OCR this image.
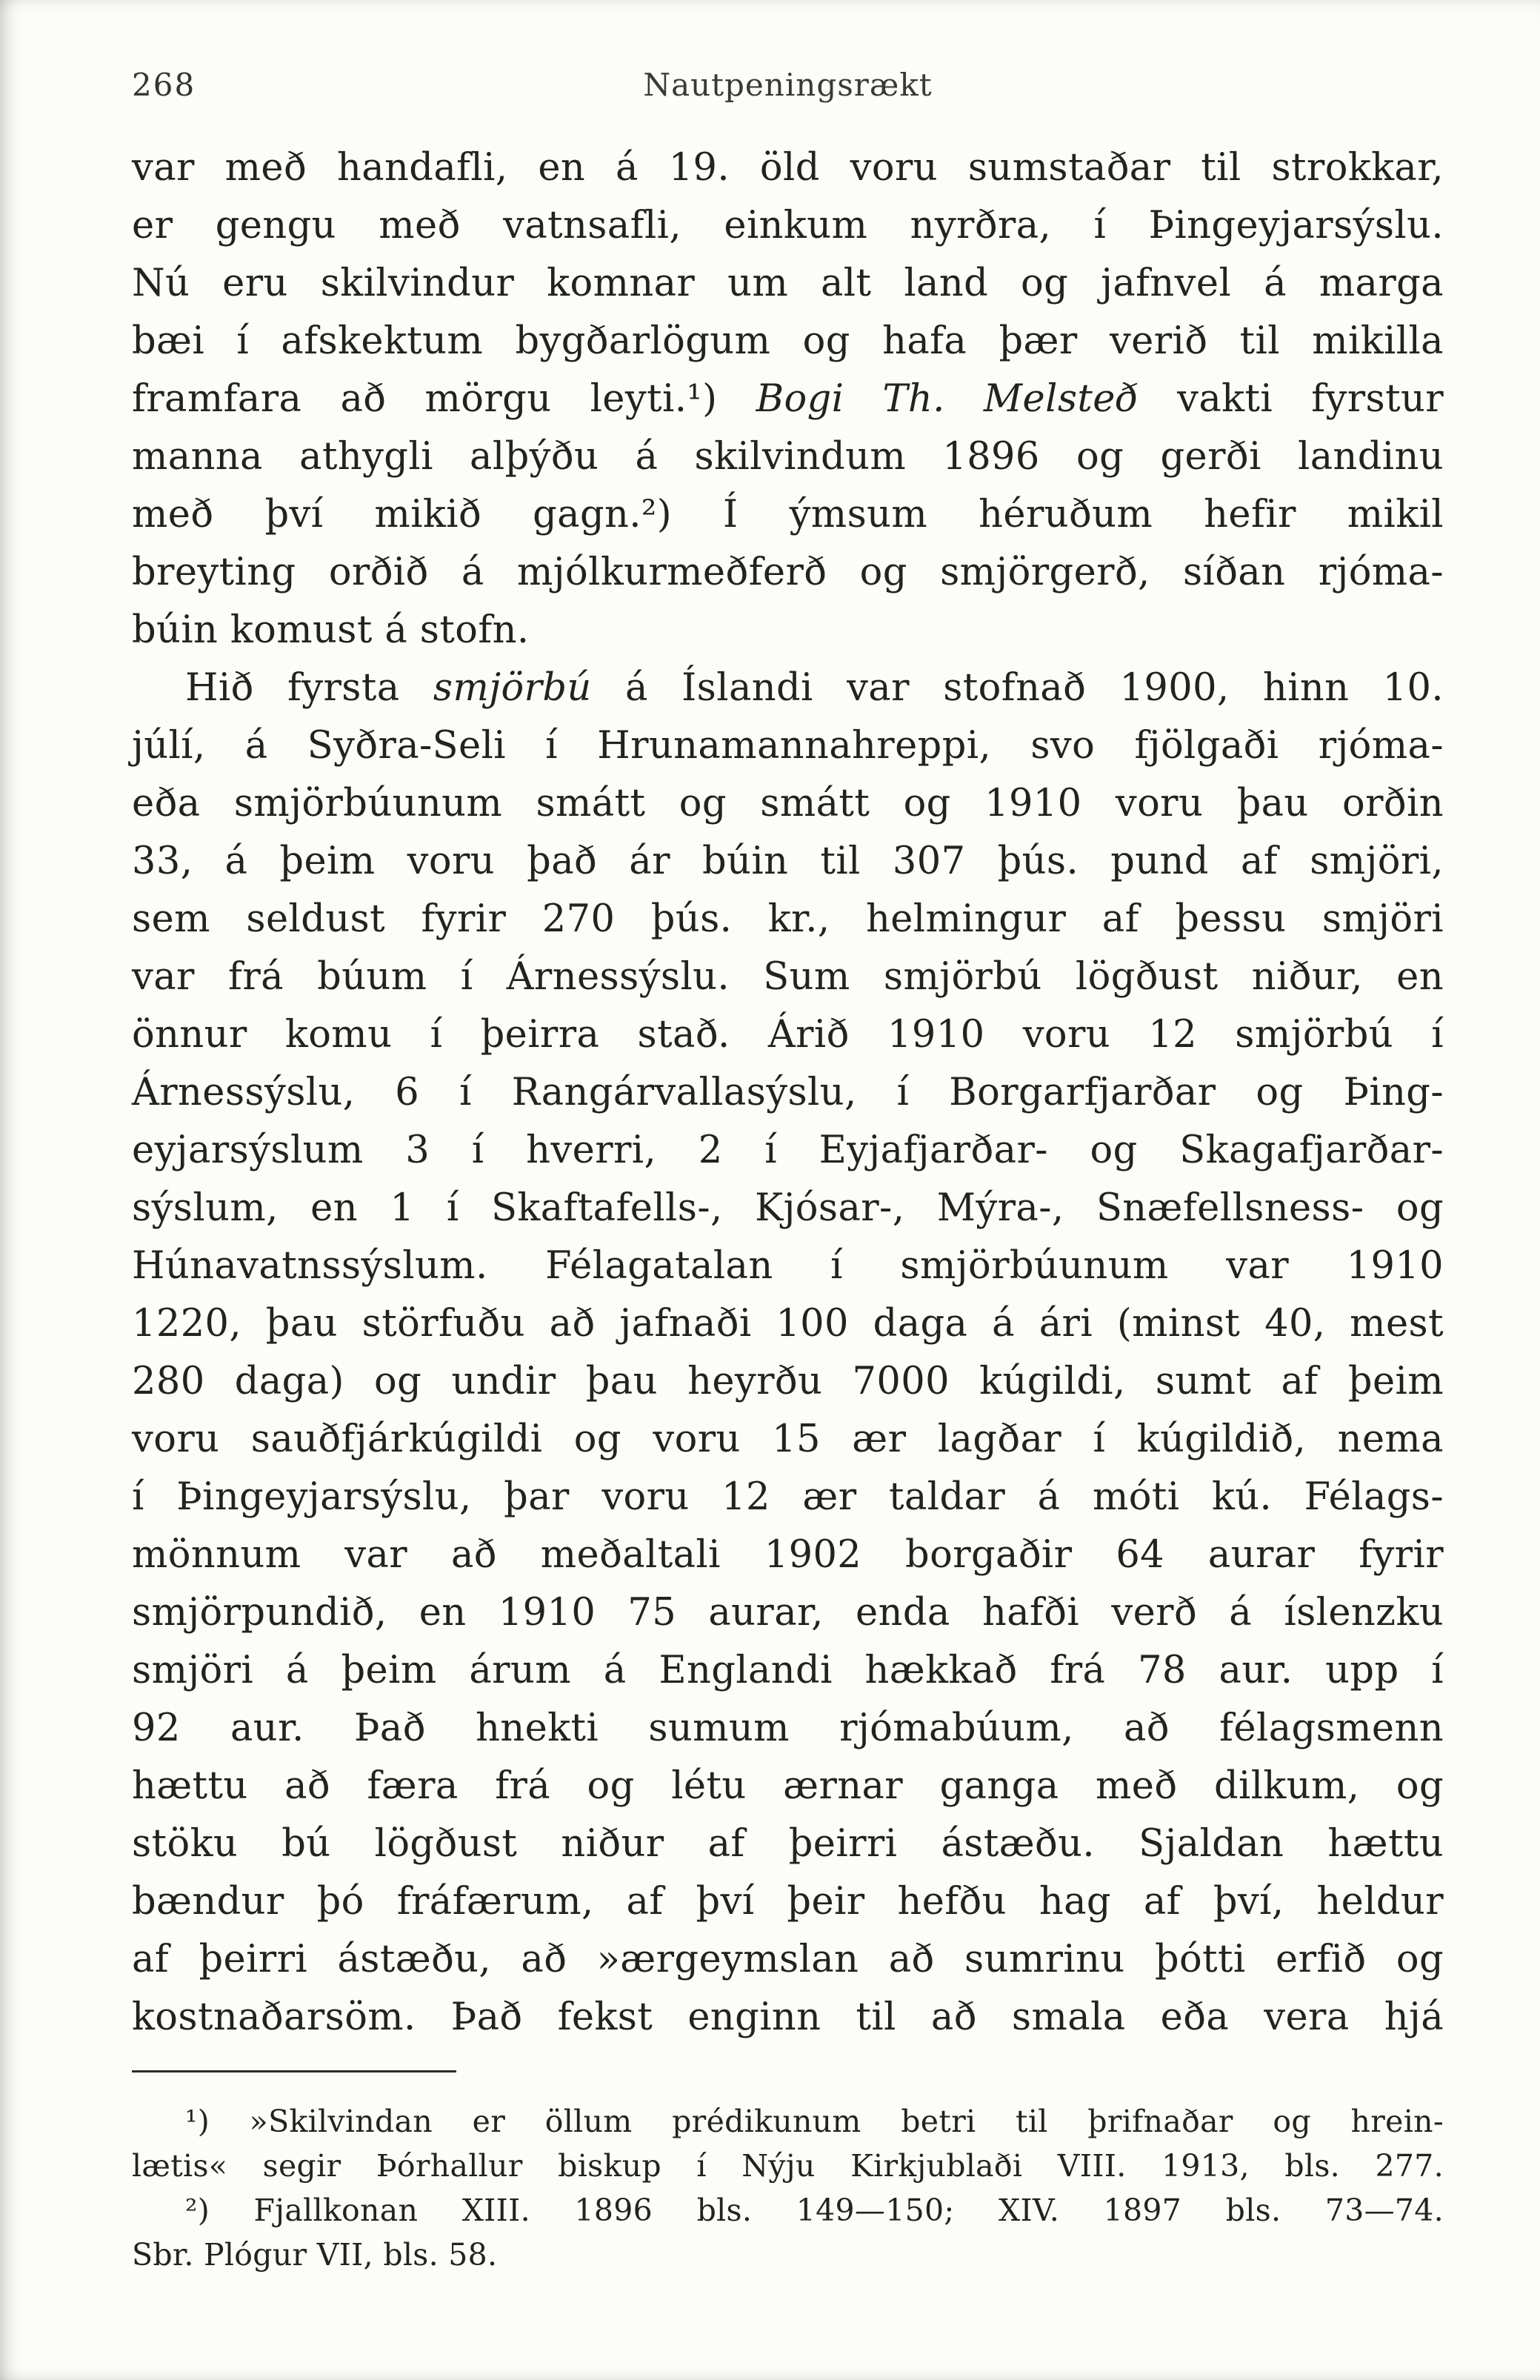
268	Nautpeningsrækt
var með handafli, en á 19. öld voru sumstaðar til strokkar,
er gengu með vatnsafli, einkum nyrðra, í Þingeyjarsýslu.
Nú eru skilvindur komnar um alt land og jafnvel á marga
bæi í afskektum bygðarlögum og hafa þær verið til mikilla
framfara að mörgu leyti.¹) Bogi Th. Melsteð vakti fyrstur
manna athygli alþýðu á skilvindum 1896 og gerði landinu
með því mikið gagn.²) Í ýmsum héruðum hefir mikil
breyting orðið á mjólkurmeðferð og smjörgerð, síðan rjóma-
búin komust á stofn.
Hið fyrsta smjörbú á Íslandi var stofnað 1900, hinn 10.
júlí, á Syðra-Seli í Hrunamannahreppi, svo fjölgaði rjóma-
eða smjörbúunum smátt og smátt og 1910 voru þau orðin
33, á þeim voru það ár búin til 307 þús. pund af smjöri,
sem seldust fyrir 270 þús. kr., helmingur af þessu smjöri
var frá búum í Árnessýslu. Sum smjörbú lögðust niður, en
önnur komu í þeirra stað. Árið 1910 voru 12 smjörbú í
Árnessýslu, 6 í Rangárvallasýslu, í Borgarfjarðar og Þing-
eyjarsýslum 3 í hverri, 2 í Eyjafjarðar- og Skagafjarðar-
sýslum, en 1 í Skaftafells-, Kjósar-, Mýra-, Snæfellsness- og
Húnavatnssýslum. Félagatalan í smjörbúunum var 1910
1220, þau störfuðu að jafnaði 100 daga á ári (minst 40, mest
280 daga) og undir þau heyrðu 7000 kúgildi, sumt af þeim
voru sauðfjárkúgildi og voru 15 ær lagðar í kúgildið, nema
í Þingeyjarsýslu, þar voru 12 ær taldar á móti kú. Félags-
mönnum var að meðaltali 1902 borgaðir 64 aurar fyrir
smjörpundið, en 1910 75 aurar, enda hafði verð á íslenzku
smjöri á þeim árum á Englandi hækkað frá 78 aur. upp í
92 aur. Það hnekti sumum rjómabúum, að félagsmenn
hættu að færa frá og létu ærnar ganga með dilkum, og
stöku bú lögðust niður af þeirri ástæðu. Sjaldan hættu
bændur þó fráfærum, af því þeir hefðu hag af því, heldur
af þeirri ástæðu, að »ærgeymslan að sumrinu þótti erfið og
kostnaðarsöm. Það fekst enginn til að smala eða vera hjá
¹) »Skilvindan er öllum prédikunum betri til þrifnaðar og hrein-
lætis« segir Þórhallur biskup í Nýju Kirkjublaði VIII. 1913, bls. 277.
²) Fjallkonan XIII. 1896 bls. 149—150; XIV. 1897 bls. 73—74.
Sbr. Plógur VII, bls. 58.
